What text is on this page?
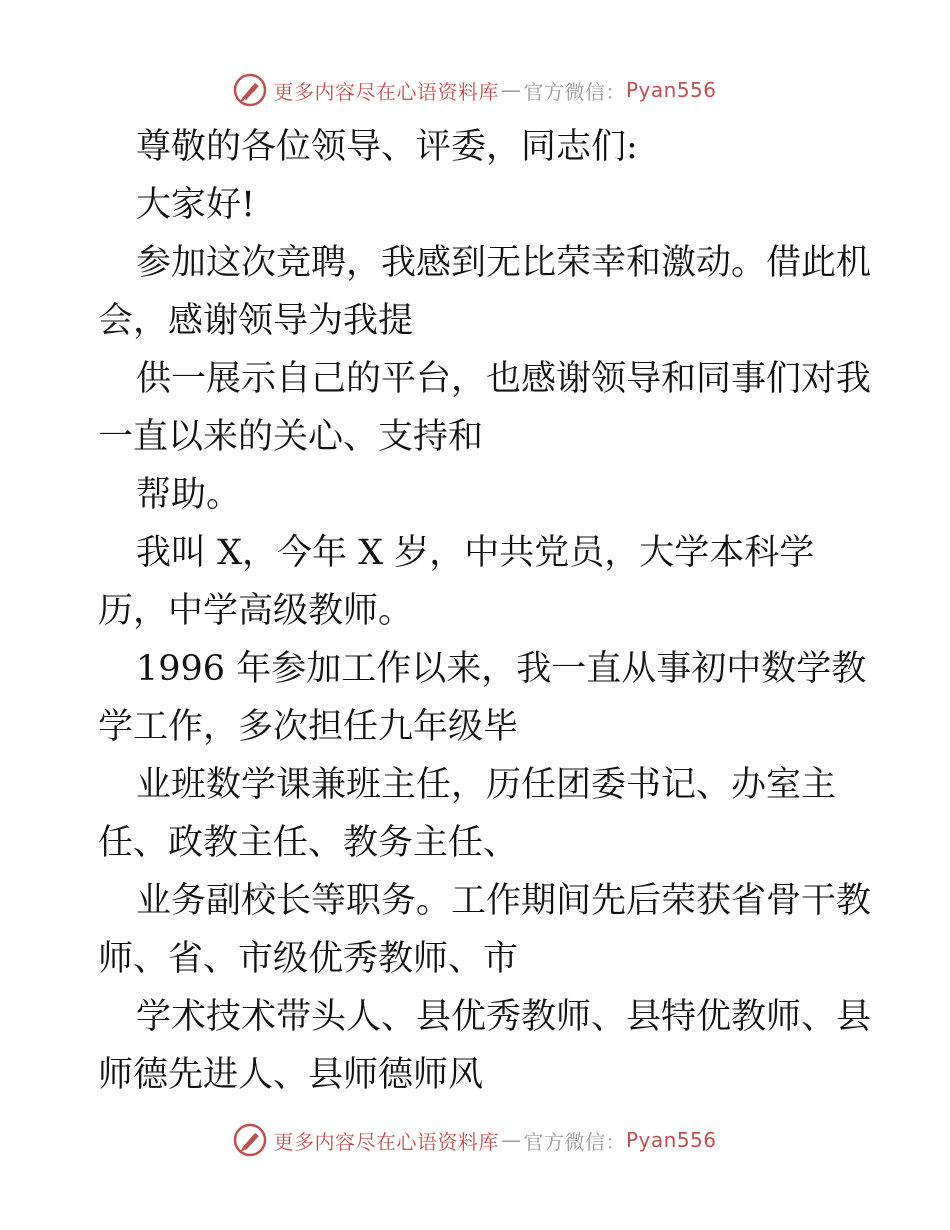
更多内容尽在心语资料库 — 官方微信： Pyan556
尊敬的各位领导、评委，同志们:
大家好!
参加这次竞聘，我感到无比荣幸和激动。借此机
会，感谢领导为我提
供一展示自己的平台，也感谢领导和同事们对我
一直以来的关心、支持和
帮助。
我叫 X，今年 X 岁，中共党员，大学本科学
历，中学高级教师。
1996 年参加工作以来，我一直从事初中数学教
学工作，多次担任九年级毕
业班数学课兼班主任，历任团委书记、办室主
任、政教主任、教务主任、
业务副校长等职务。工作期间先后荣获省骨干教
师、省、市级优秀教师、市
学术技术带头人、县优秀教师、县特优教师、县
师德先进人、县师德师风
更多内容尽在心语资料库 — 官方微信： Pyan556
